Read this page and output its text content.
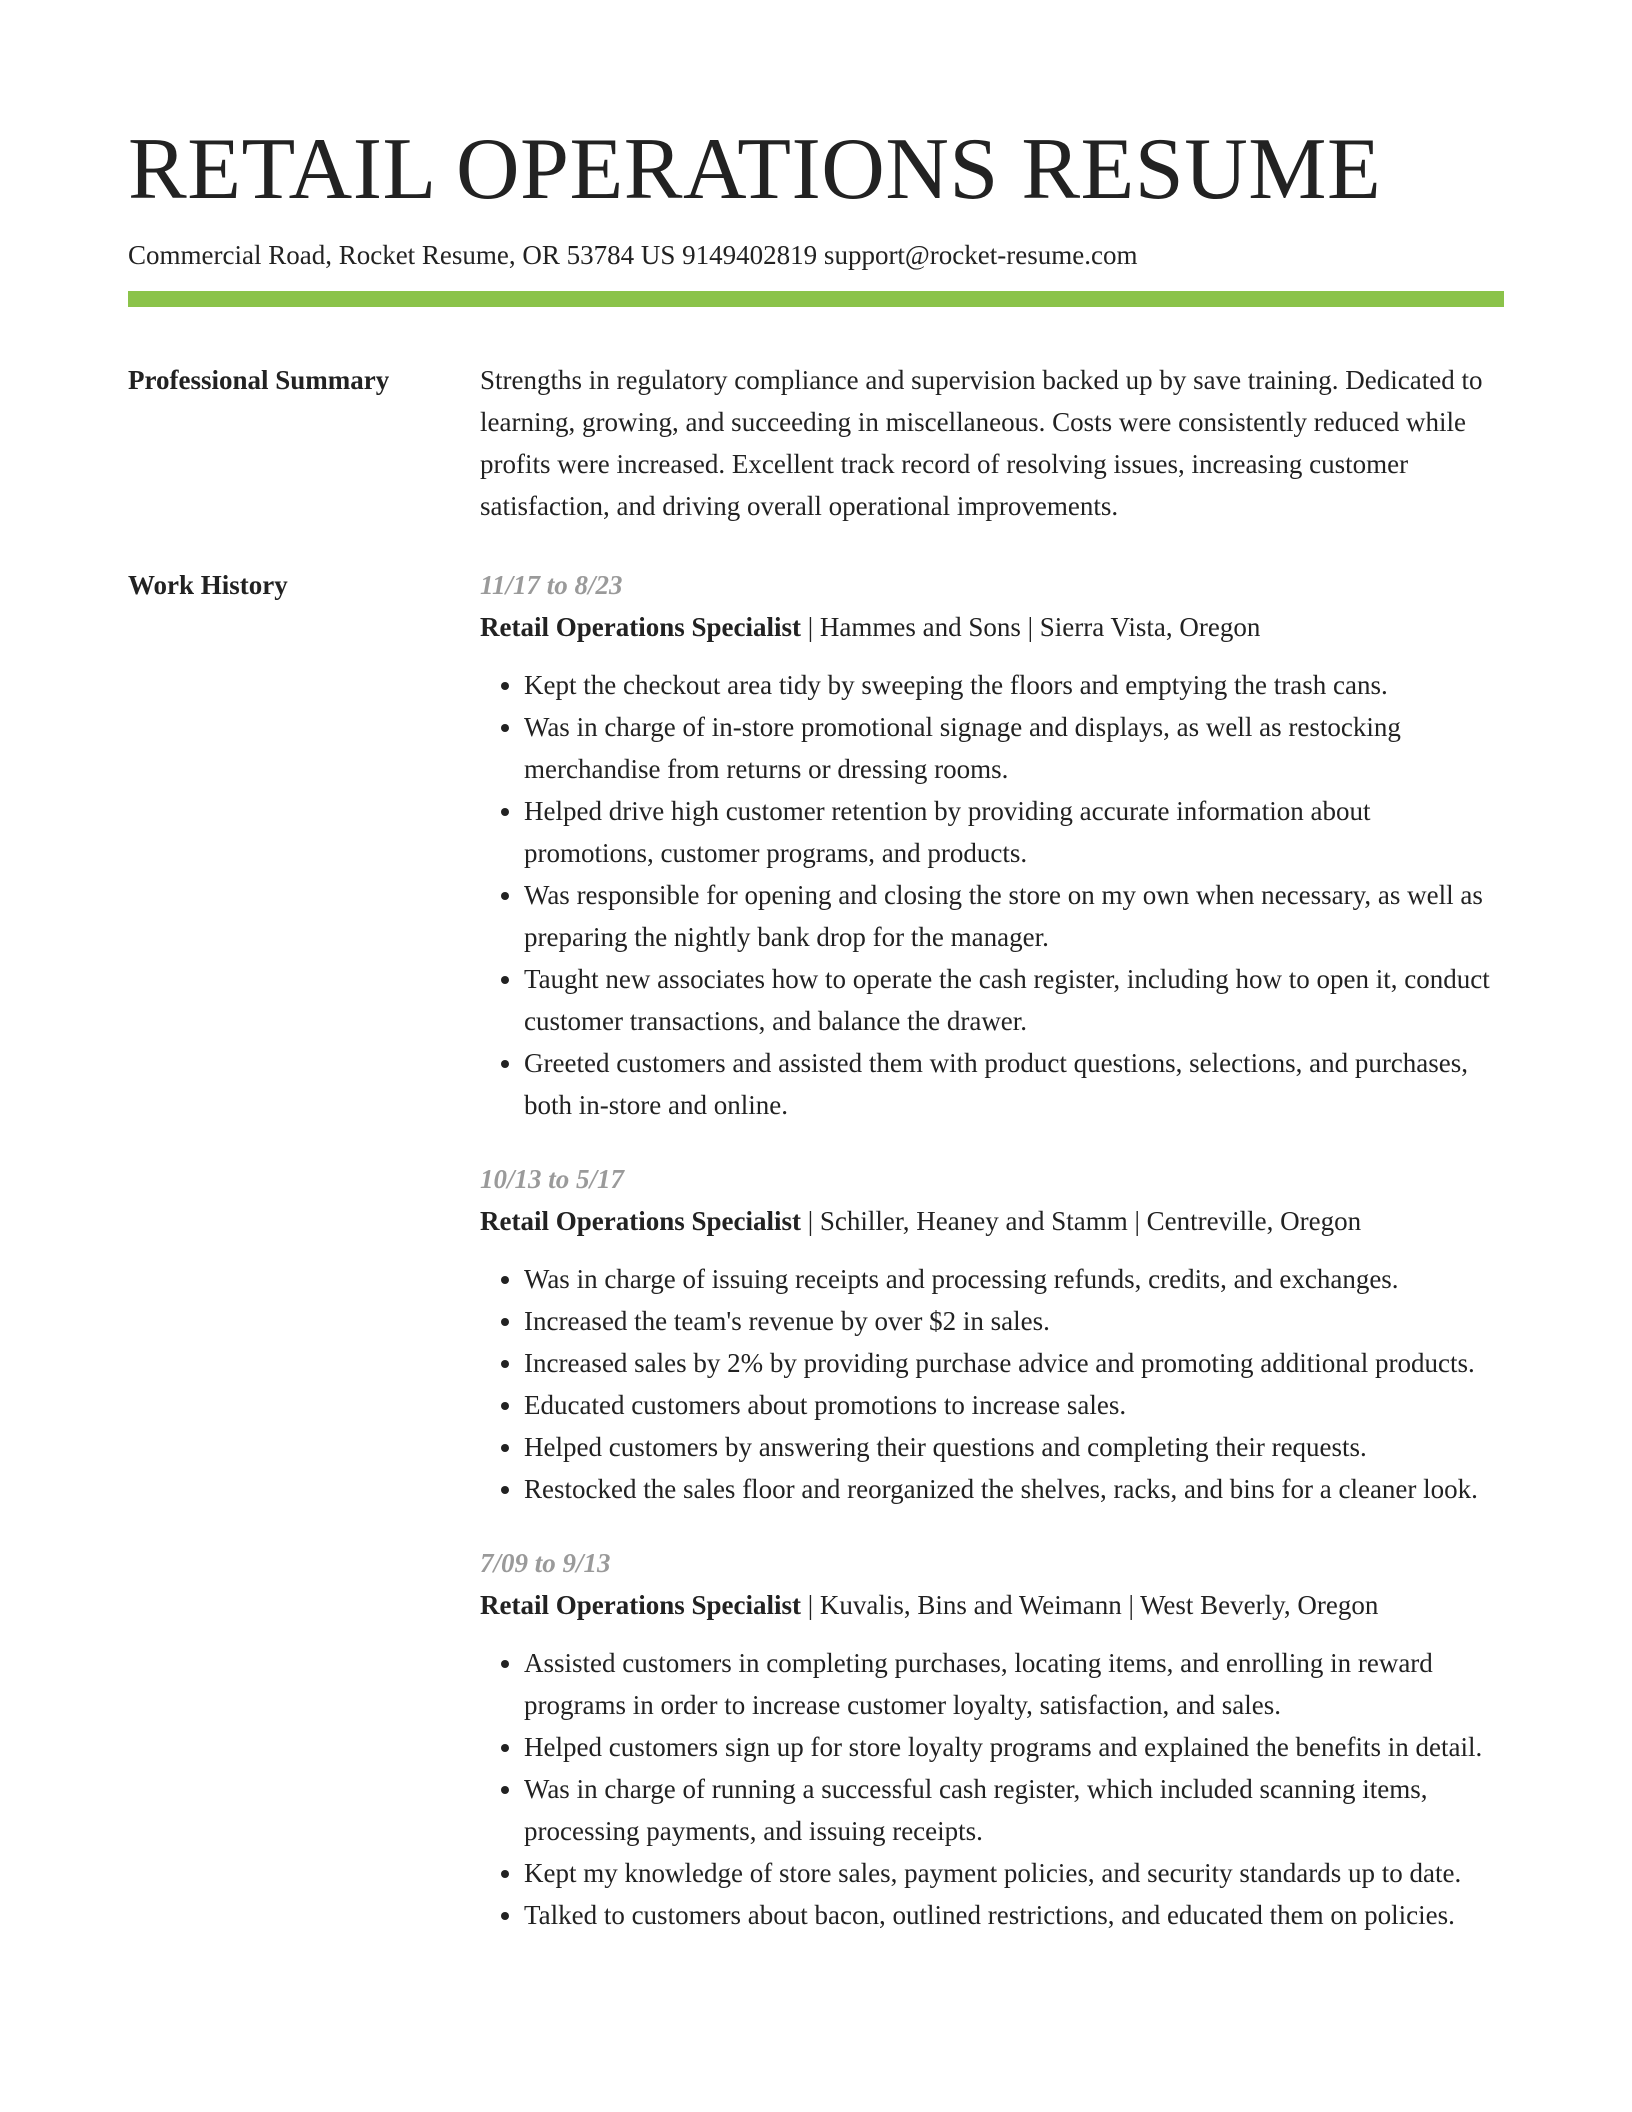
RETAIL OPERATIONS RESUME
Commercial Road, Rocket Resume, OR 53784 US 9149402819 support@rocket-resume.com
Professional Summary	Strengths in regulatory compliance and supervision backed up by save training. Dedicated to learning, growing, and succeeding in miscellaneous. Costs were consistently reduced while profits were increased. Excellent track record of resolving issues, increasing customer satisfaction, and driving overall operational improvements.

Work History	11/17 to 8/23
Retail Operations Specialist | Hammes and Sons | Sierra Vista, Oregon
• Kept the checkout area tidy by sweeping the floors and emptying the trash cans.
• Was in charge of in-store promotional signage and displays, as well as restocking merchandise from returns or dressing rooms.
• Helped drive high customer retention by providing accurate information about promotions, customer programs, and products.
• Was responsible for opening and closing the store on my own when necessary, as well as preparing the nightly bank drop for the manager.
• Taught new associates how to operate the cash register, including how to open it, conduct customer transactions, and balance the drawer.
• Greeted customers and assisted them with product questions, selections, and purchases, both in-store and online.
10/13 to 5/17
Retail Operations Specialist | Schiller, Heaney and Stamm | Centreville, Oregon
• Was in charge of issuing receipts and processing refunds, credits, and exchanges.
• Increased the team's revenue by over $2 in sales.
• Increased sales by 2% by providing purchase advice and promoting additional products.
• Educated customers about promotions to increase sales.
• Helped customers by answering their questions and completing their requests.
• Restocked the sales floor and reorganized the shelves, racks, and bins for a cleaner look.
7/09 to 9/13
Retail Operations Specialist | Kuvalis, Bins and Weimann | West Beverly, Oregon
• Assisted customers in completing purchases, locating items, and enrolling in reward programs in order to increase customer loyalty, satisfaction, and sales.
• Helped customers sign up for store loyalty programs and explained the benefits in detail.
• Was in charge of running a successful cash register, which included scanning items, processing payments, and issuing receipts.
• Kept my knowledge of store sales, payment policies, and security standards up to date.
• Talked to customers about bacon, outlined restrictions, and educated them on policies.
